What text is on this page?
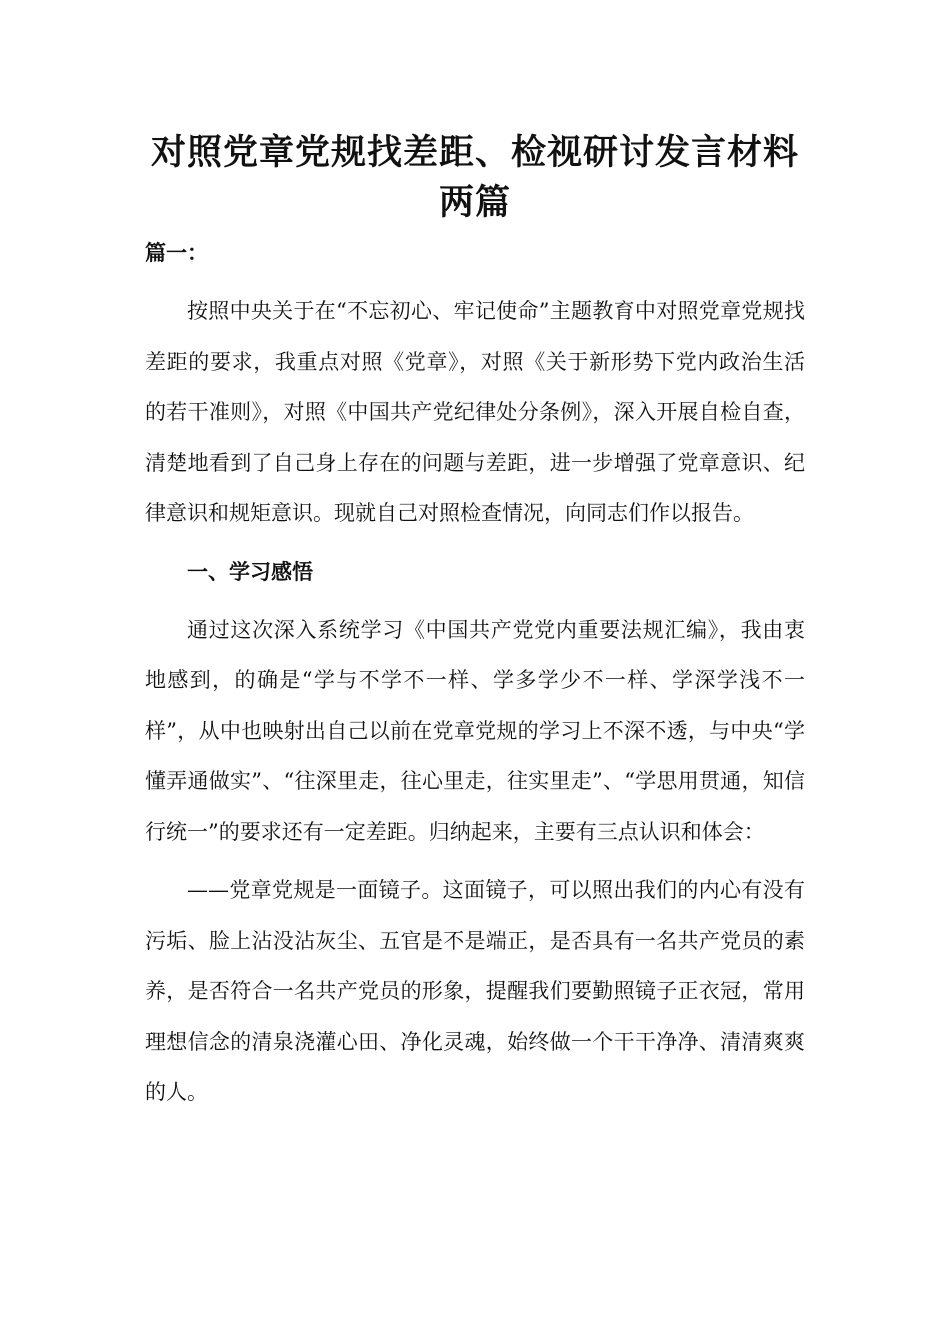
对照党章党规找差距、检视研讨发言材料
两篇

篇一：

按照中央关于在“不忘初心、牢记使命”主题教育中对照党章党规找差距的要求，我重点对照《党章》，对照《关于新形势下党内政治生活的若干准则》，对照《中国共产党纪律处分条例》，深入开展自检自查，清楚地看到了自己身上存在的问题与差距，进一步增强了党章意识、纪律意识和规矩意识。现就自己对照检查情况，向同志们作以报告。

一、学习感悟

通过这次深入系统学习《中国共产党党内重要法规汇编》，我由衷地感到，的确是“学与不学不一样、学多学少不一样、学深学浅不一样”，从中也映射出自己以前在党章党规的学习上不深不透，与中央“学懂弄通做实”、“往深里走，往心里走，往实里走”、“学思用贯通，知信行统一”的要求还有一定差距。归纳起来，主要有三点认识和体会：

——党章党规是一面镜子。这面镜子，可以照出我们的内心有没有污垢、脸上沾没沾灰尘、五官是不是端正，是否具有一名共产党员的素养，是否符合一名共产党员的形象，提醒我们要勤照镜子正衣冠，常用理想信念的清泉浇灌心田、净化灵魂，始终做一个干干净净、清清爽爽的人。
